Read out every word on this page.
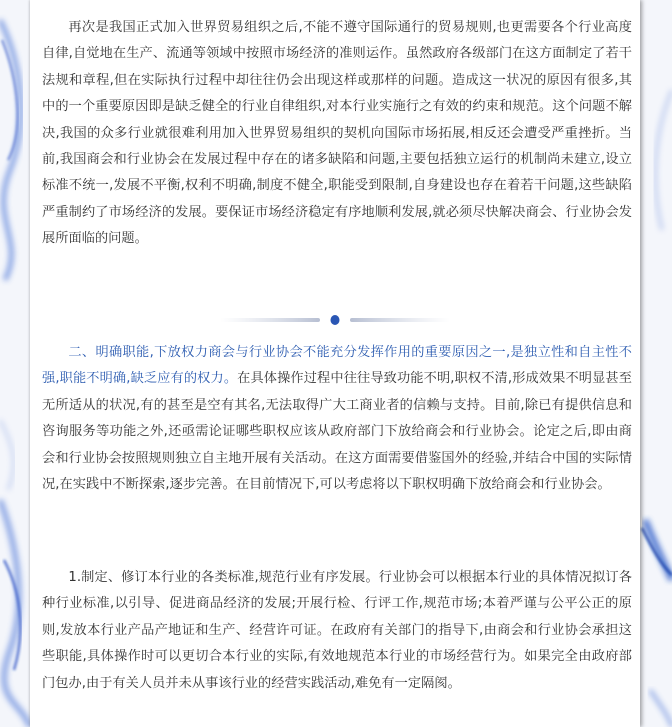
再次是我国正式加入世界贸易组织之后,不能不遵守国际通行的贸易规则,也更需要各个行业高度自律,自觉地在生产、流通等领域中按照市场经济的准则运作。虽然政府各级部门在这方面制定了若干法规和章程,但在实际执行过程中却往往仍会出现这样或那样的问题。造成这一状况的原因有很多,其中的一个重要原因即是缺乏健全的行业自律组织,对本行业实施行之有效的约束和规范。这个问题不解决,我国的众多行业就很难利用加入世界贸易组织的契机向国际市场拓展,相反还会遭受严重挫折。当前,我国商会和行业协会在发展过程中存在的诸多缺陷和问题,主要包括独立运行的机制尚未建立,设立标准不统一,发展不平衡,权利不明确,制度不健全,职能受到限制,自身建设也存在着若干问题,这些缺陷严重制约了市场经济的发展。要保证市场经济稳定有序地顺利发展,就必须尽快解决商会、行业协会发展所面临的问题。

二、明确职能,下放权力商会与行业协会不能充分发挥作用的重要原因之一,是独立性和自主性不强,职能不明确,缺乏应有的权力。在具体操作过程中往往导致功能不明,职权不清,形成效果不明显甚至无所适从的状况,有的甚至是空有其名,无法取得广大工商业者的信赖与支持。目前,除已有提供信息和咨询服务等功能之外,还亟需论证哪些职权应该从政府部门下放给商会和行业协会。论定之后,即由商会和行业协会按照规则独立自主地开展有关活动。在这方面需要借鉴国外的经验,并结合中国的实际情况,在实践中不断探索,逐步完善。在目前情况下,可以考虑将以下职权明确下放给商会和行业协会。

1.制定、修订本行业的各类标准,规范行业有序发展。行业协会可以根据本行业的具体情况拟订各种行业标准,以引导、促进商品经济的发展;开展行检、行评工作,规范市场;本着严谨与公平公正的原则,发放本行业产品产地证和生产、经营许可证。在政府有关部门的指导下,由商会和行业协会承担这些职能,具体操作时可以更切合本行业的实际,有效地规范本行业的市场经营行为。如果完全由政府部门包办,由于有关人员并未从事该行业的经营实践活动,难免有一定隔阂。
